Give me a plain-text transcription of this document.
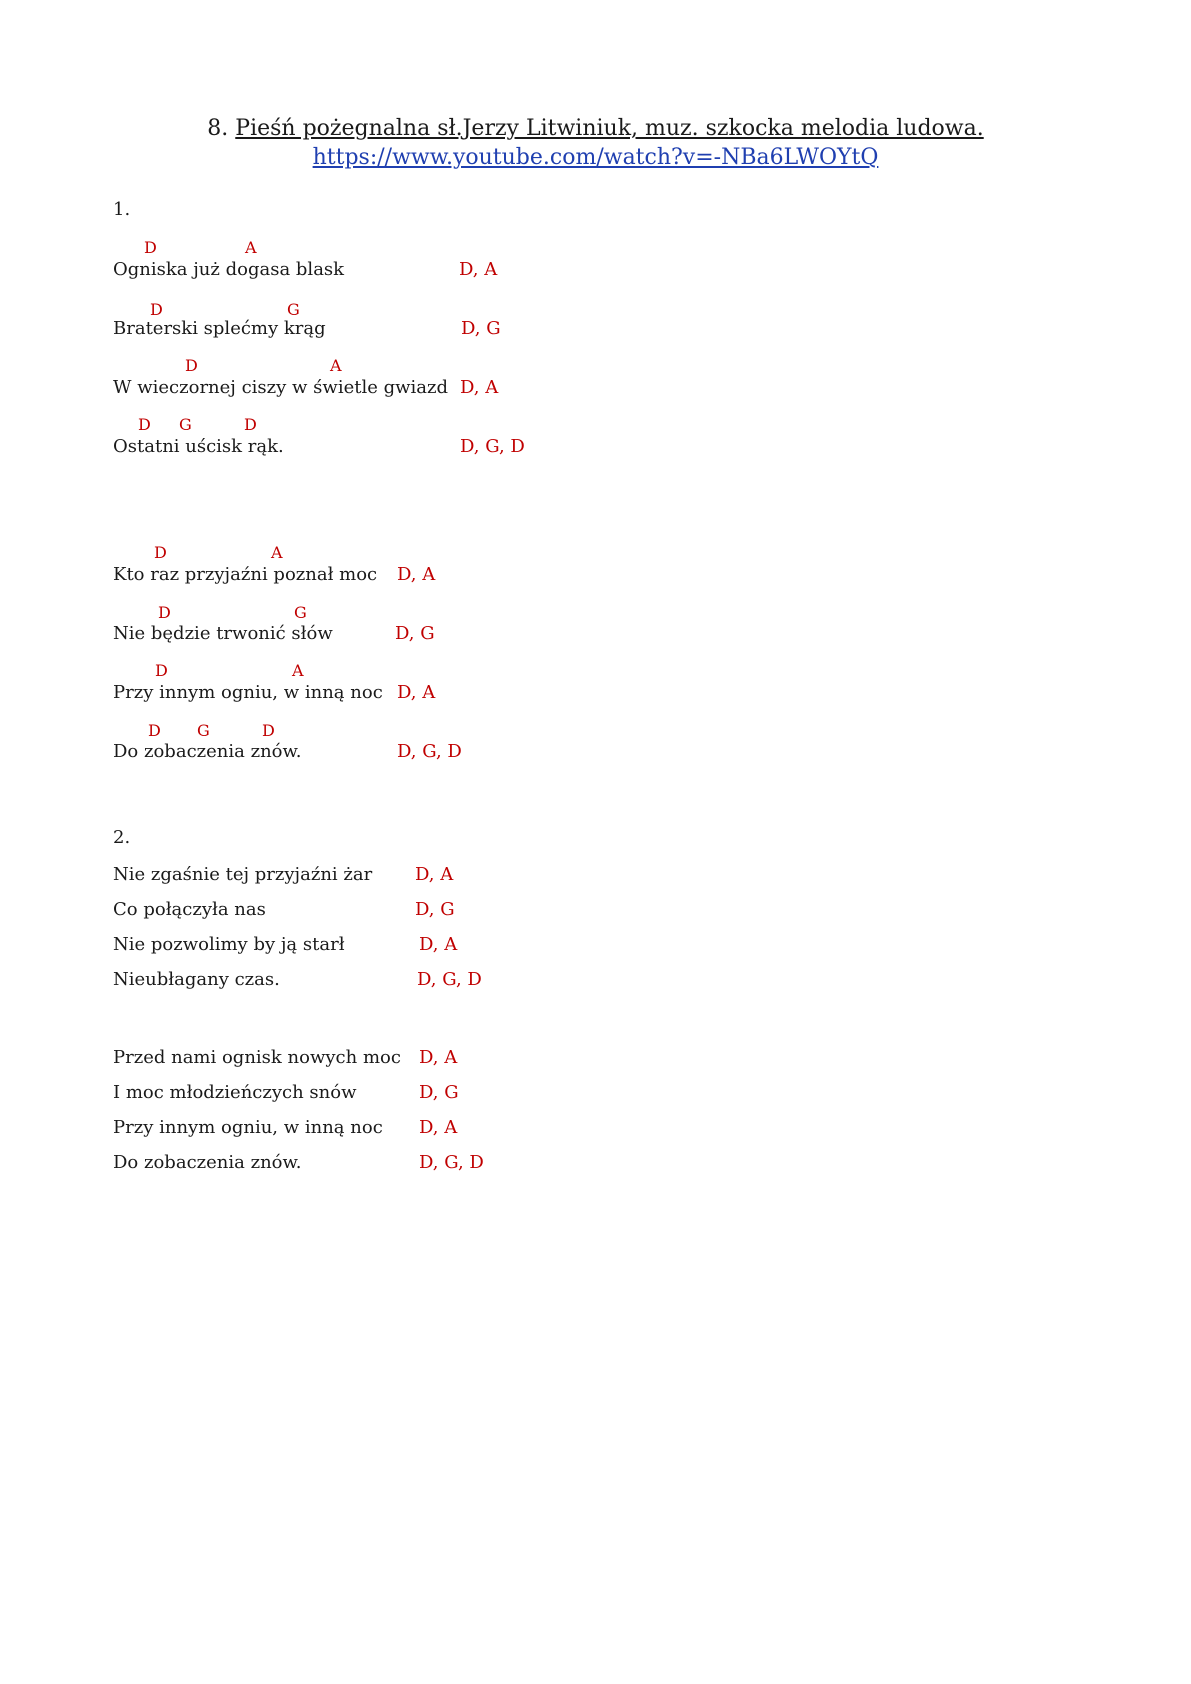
8. Pieśń pożegnalna sł.Jerzy Litwiniuk, muz. szkocka melodia ludowa.
https://www.youtube.com/watch?v=-NBa6LWOYtQ
1.
D	A
Ogniska już dogasa blask	D, A
D	G
Braterski splećmy krąg	D, G
D	A
W wieczornej ciszy w świetle gwiazd D, A
D G	D
Ostatni uścisk rąk.	D, G, D
D	A
Kto raz przyjaźni poznał moc D, A
D	G
Nie będzie trwonić słów	D, G
D	A
Przy innym ogniu, w inną noc D, A
D G	D
Do zobaczenia znów.	D, G, D
2.
Nie zgaśnie tej przyjaźni żar D, A
Co połączyła nas	D, G
Nie pozwolimy by ją starł	D, A
Nieubłagany czas.	D, G, D
Przed nami ognisk nowych moc D, A
I moc młodzieńczych snów	D, G
Przy innym ogniu, w inną noc D, A
Do zobaczenia znów.	D, G, D
